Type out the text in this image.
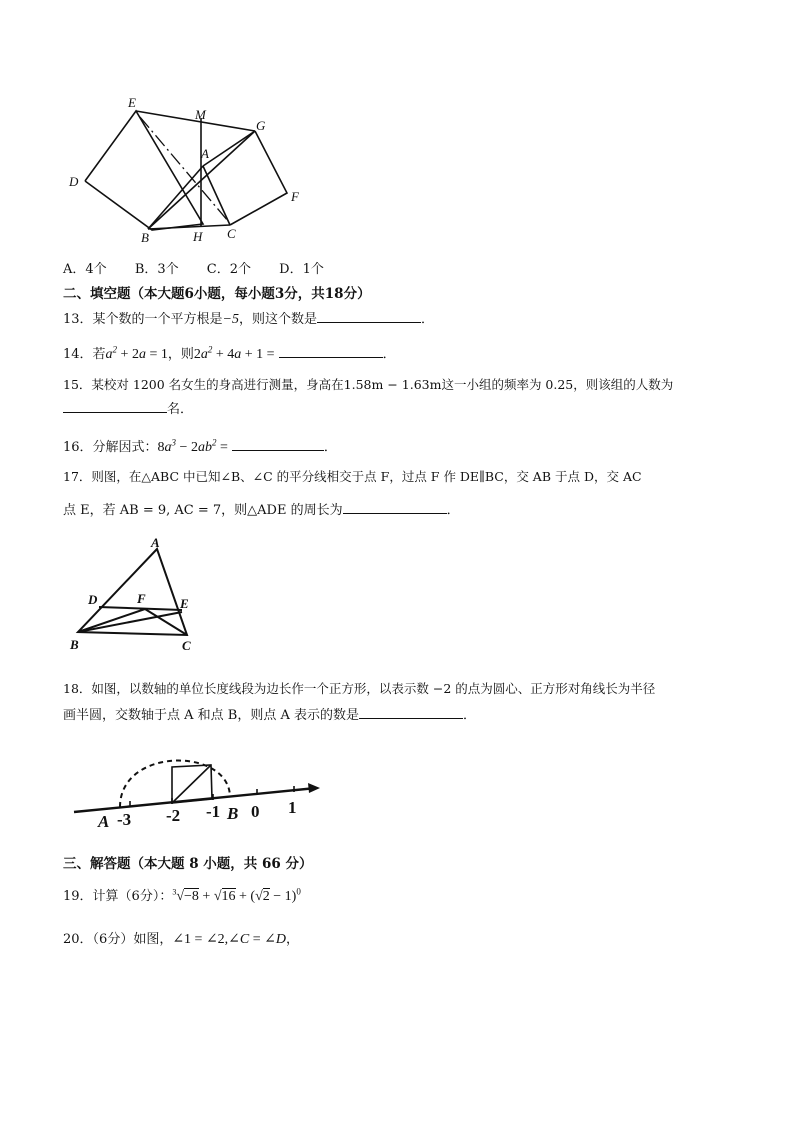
E
M
G
A
D
F
B	H C
A．4个 B．3个 C．2个 D．1个
二、填空题（本大题6小题，每小题3分，共18分）
13．某个数的一个平方根是−5，则这个数是	．
14．若$a^2 + 2a = 1$，则$2a^2 + 4a + 1$ =	．
15．某校对 1200 名女生的身高进行测量，身高在1.58m − 1.63m这一小组的频率为 0.25，则该组的人数为
名．
16．分解因式：$8a^3 - 2ab^2$ =	．
17．则图，在△ABC 中已知∠B、∠C 的平分线相交于点 F，过点 F 作 DE∥BC，交 AB 于点 D，交 AC
点 E，若 AB = 9, AC = 7，则△ADE 的周长为	．
A
D	F	E
B	C
18．如图，以数轴的单位长度线段为边长作一个正方形，以表示数 −2 的点为圆心、正方形对角线长为半径
画半圆，交数轴于点 A 和点 B，则点 A 表示的数是	．
A -3 -2 -1 B 0 1
三、解答题（本大题 8 小题，共 66 分）
19．计算（6分）：$^3√-8 + √16 + (√2 - 1)^0$
20．（6分）如图，∠1 = ∠2,∠C = ∠D，
